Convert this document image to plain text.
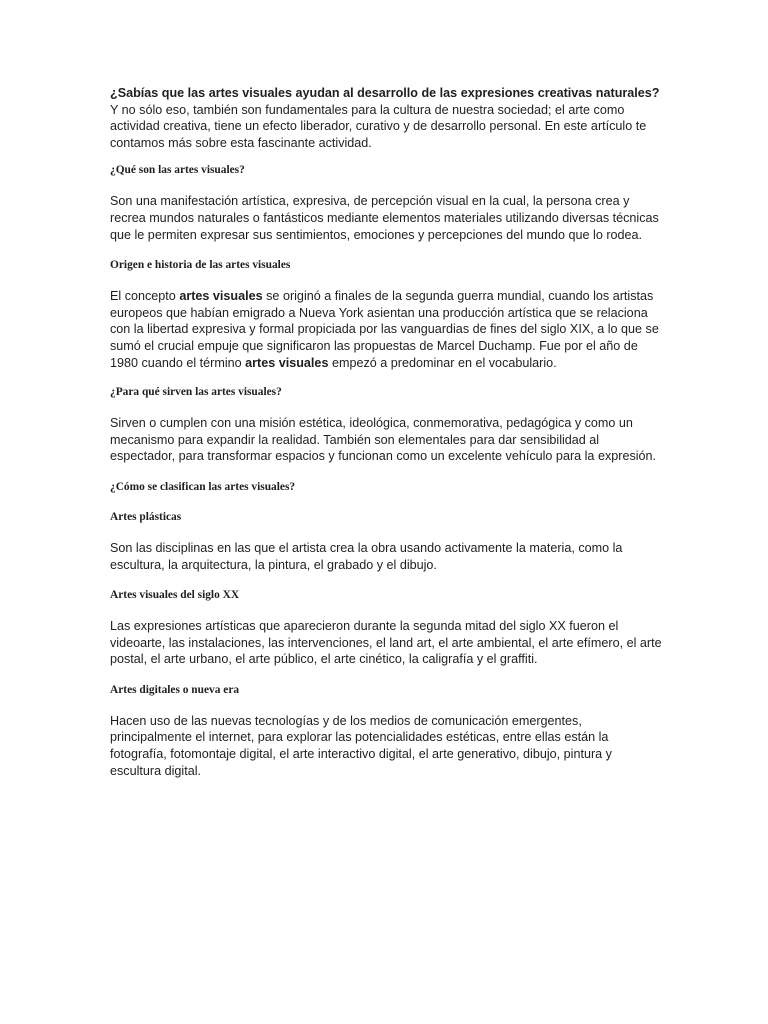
¿Sabías que las artes visuales ayudan al desarrollo de las expresiones creativas naturales? Y no sólo eso, también son fundamentales para la cultura de nuestra sociedad; el arte como actividad creativa, tiene un efecto liberador, curativo y de desarrollo personal. En este artículo te contamos más sobre esta fascinante actividad.

¿Qué son las artes visuales?

Son una manifestación artística, expresiva, de percepción visual en la cual, la persona crea y recrea mundos naturales o fantásticos mediante elementos materiales utilizando diversas técnicas que le permiten expresar sus sentimientos, emociones y percepciones del mundo que lo rodea.

Origen e historia de las artes visuales

El concepto artes visuales se originó a finales de la segunda guerra mundial, cuando los artistas europeos que habían emigrado a Nueva York asientan una producción artística que se relaciona con la libertad expresiva y formal propiciada por las vanguardias de fines del siglo XIX, a lo que se sumó el crucial empuje que significaron las propuestas de Marcel Duchamp. Fue por el año de 1980 cuando el término artes visuales empezó a predominar en el vocabulario.

¿Para qué sirven las artes visuales?

Sirven o cumplen con una misión estética, ideológica, conmemorativa, pedagógica y como un mecanismo para expandir la realidad. También son elementales para dar sensibilidad al espectador, para transformar espacios y funcionan como un excelente vehículo para la expresión.

¿Cómo se clasifican las artes visuales?

Artes plásticas

Son las disciplinas en las que el artista crea la obra usando activamente la materia, como la escultura, la arquitectura, la pintura, el grabado y el dibujo.

Artes visuales del siglo XX

Las expresiones artísticas que aparecieron durante la segunda mitad del siglo XX fueron el videoarte, las instalaciones, las intervenciones, el land art, el arte ambiental, el arte efímero, el arte postal, el arte urbano, el arte público, el arte cinético, la caligrafía y el graffiti.

Artes digitales o nueva era

Hacen uso de las nuevas tecnologías y de los medios de comunicación emergentes, principalmente el internet, para explorar las potencialidades estéticas, entre ellas están la fotografía, fotomontaje digital, el arte interactivo digital, el arte generativo, dibujo, pintura y escultura digital.
